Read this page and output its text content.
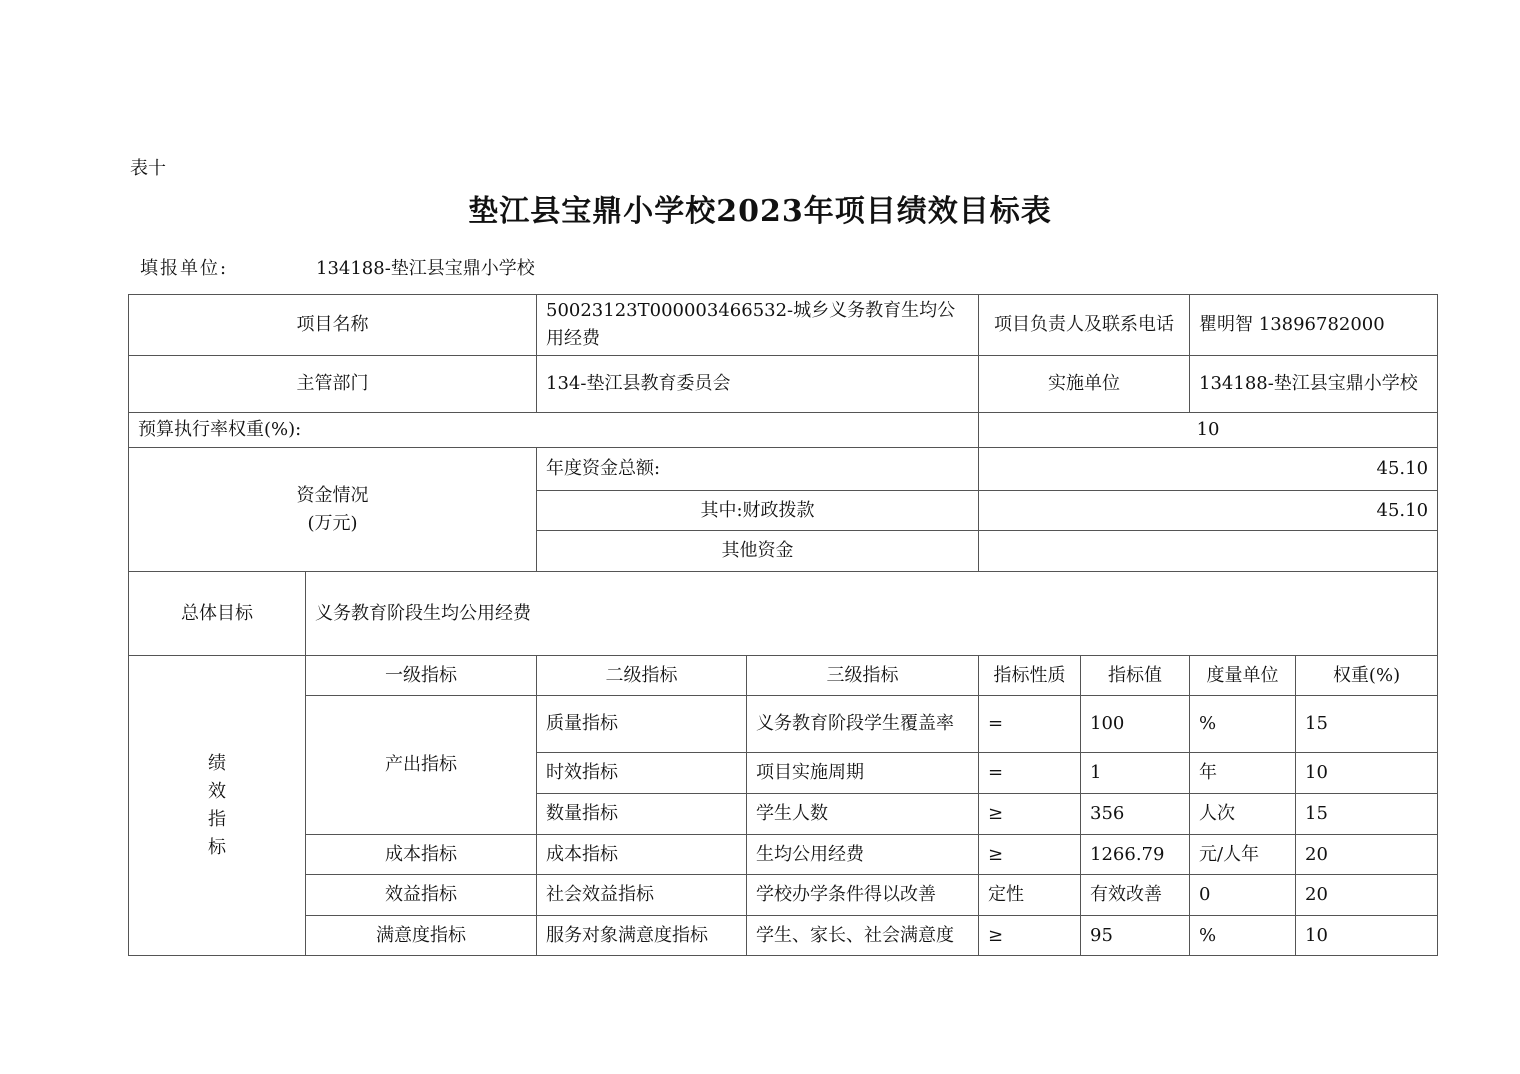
表十
垫江县宝鼎小学校2023年项目绩效目标表
填报单位:	134188-垫江县宝鼎小学校
项目名称		50023123T000003466532-城乡义务教育生均公用经费		项目负责人及联系电话		瞿明智 13896782000	
主管部门		134-垫江县教育委员会		实施单位		134188-垫江县宝鼎小学校	
预算执行率权重(%):				10			

资金情况
(万元)		年度资金总额:		45.10			
		其中:财政拨款		45.10			
		其他资金					
总体目标	义务教育阶段生均公用经费						

绩
效
指
标	一级指标	二级指标	三级指标	指标性质	指标值	度量单位	权重(%)
	产出指标	质量指标	义务教育阶段学生覆盖率	=	100	%	15
		时效指标	项目实施周期	=	1	年	10
		数量指标	学生人数	≥	356	人次	15
	成本指标	成本指标	生均公用经费	≥	1266.79	元/人年	20
	效益指标	社会效益指标	学校办学条件得以改善	定性	有效改善	0	20
	满意度指标	服务对象满意度指标	学生、家长、社会满意度	≥	95	%	10
